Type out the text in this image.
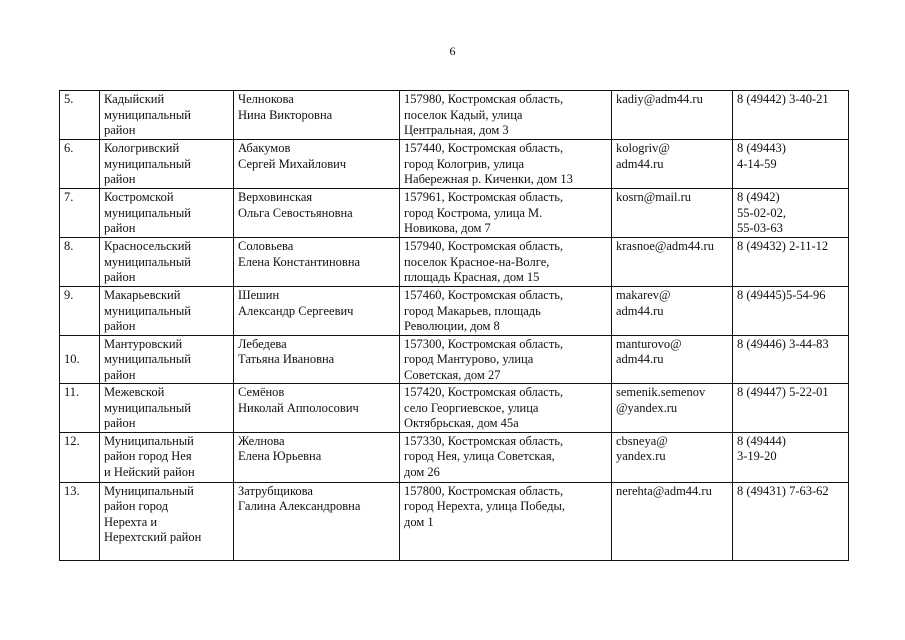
6
5.	Кадыйский
муниципальный
район	Челнокова
Нина Викторовна	157980, Костромская область,
поселок Кадый, улица
Центральная, дом 3	kadiy@adm44.ru	8 (49442) 3-40-21
6.	Кологривский
муниципальный
район	Абакумов
Сергей Михайлович	157440, Костромская область,
город Кологрив, улица
Набережная р. Киченки, дом 13	kologriv@
adm44.ru	8 (49443)
4-14-59
7.	Костромской
муниципальный
район	Верховинская
Ольга Севостьяновна	157961, Костромская область,
город Кострома, улица М.
Новикова, дом 7	kosrn@mail.ru	8 (4942)
55-02-02,
55-03-63
8.	Красносельский
муниципальный
район	Соловьева
Елена Константиновна	157940, Костромская область,
поселок Красное-на-Волге,
площадь Красная, дом 15	krasnoe@adm44.ru	8 (49432) 2-11-12
9.	Макарьевский
муниципальный
район	Шешин
Александр Сергеевич	157460, Костромская область,
город Макарьев, площадь
Революции, дом 8	makarev@
adm44.ru	8 (49445)5-54-96
10.	Мантуровский
муниципальный
район	Лебедева
Татьяна Ивановна	157300, Костромская область,
город Мантурово, улица
Советская, дом 27	manturovo@
adm44.ru	8 (49446) 3-44-83
11.	Межевской
муниципальный
район	Семёнов
Николай Апполосович	157420, Костромская область,
село Георгиевское, улица
Октябрьская, дом 45а	semenik.semenov
@yandex.ru	8 (49447) 5-22-01
12.	Муниципальный
район город Нея
и Нейский район	Желнова
Елена Юрьевна	157330, Костромская область,
город Нея, улица Советская,
дом 26	cbsneya@
yandex.ru	8 (49444)
3-19-20
13.	Муниципальный
район город
Нерехта и
Нерехтский район	Затрубщикова
Галина Александровна	157800, Костромская область,
город Нерехта, улица Победы,
дом 1	nerehta@adm44.ru	8 (49431) 7-63-62
